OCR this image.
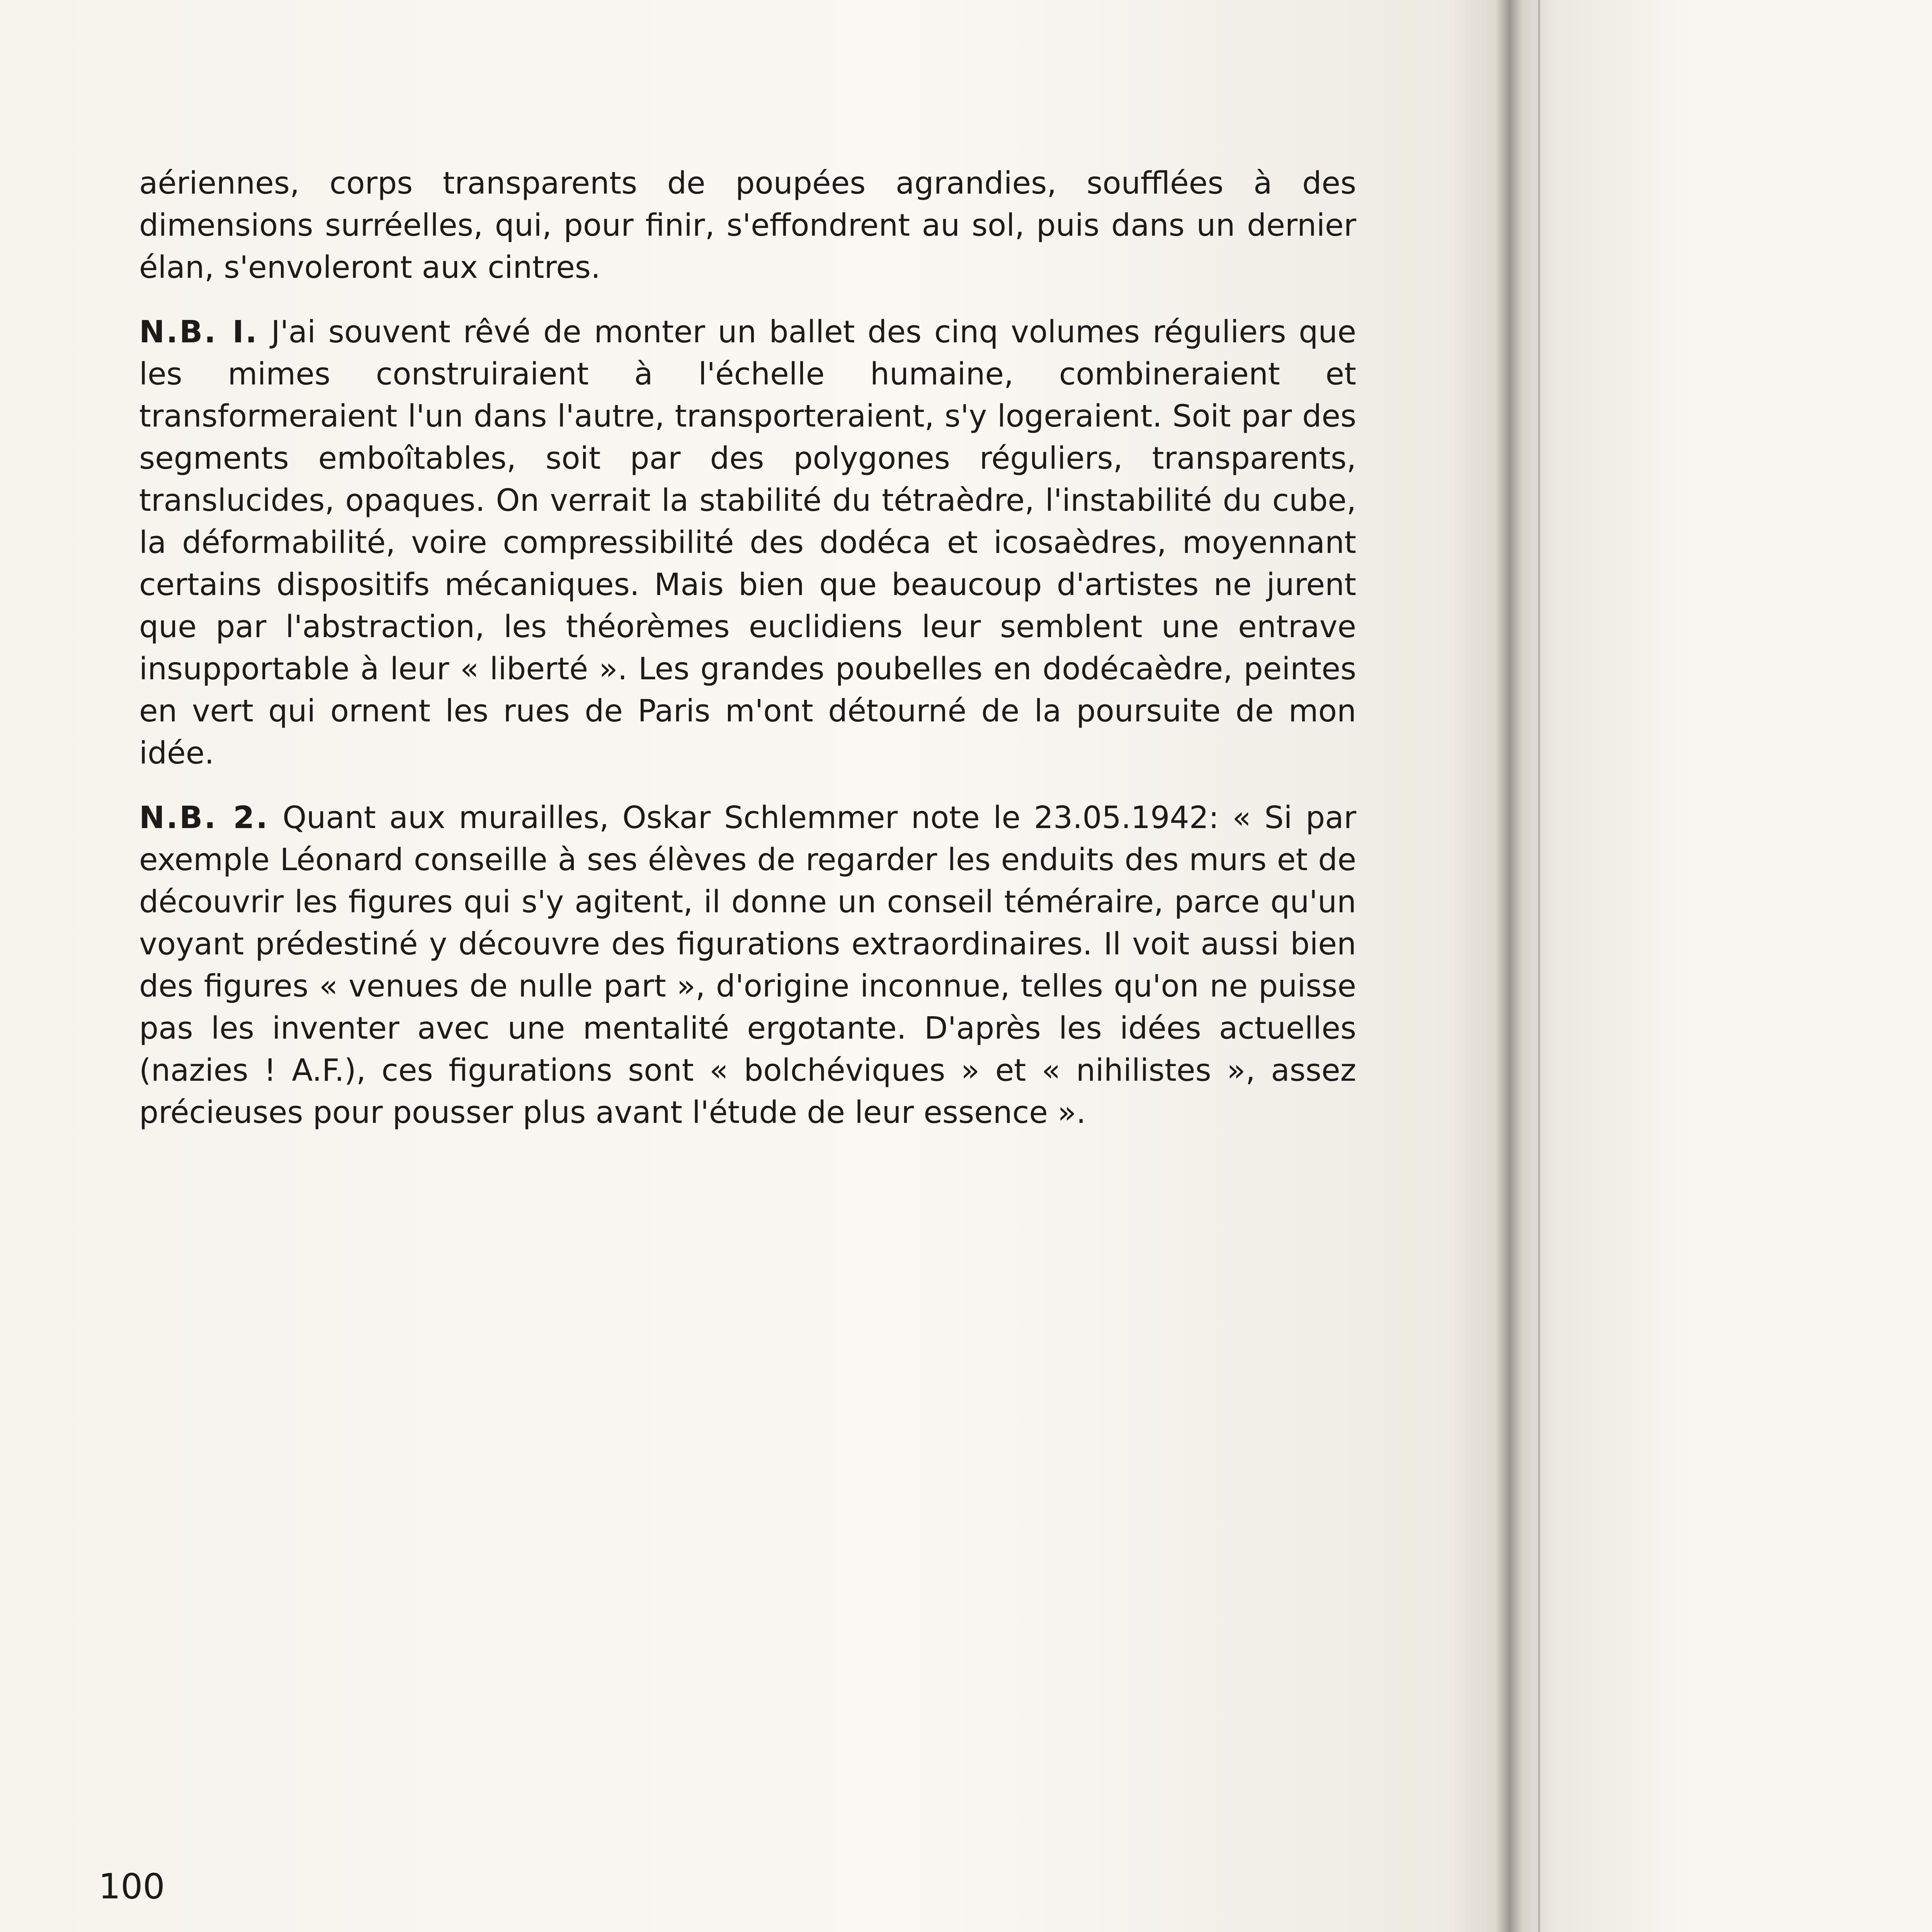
aériennes, corps transparents de poupées agrandies, soufflées à des dimensions surréelles, qui, pour finir, s'effondrent au sol, puis dans un dernier élan, s'envoleront aux cintres.

N.B. I. J'ai souvent rêvé de monter un ballet des cinq volumes réguliers que les mimes construiraient à l'échelle humaine, combineraient et transformeraient l'un dans l'autre, transporteraient, s'y logeraient. Soit par des segments emboîtables, soit par des polygones réguliers, transparents, translucides, opaques. On verrait la stabilité du tétraèdre, l'instabilité du cube, la déformabilité, voire compressibilité des dodéca et icosaèdres, moyennant certains dispositifs mécaniques. Mais bien que beaucoup d'artistes ne jurent que par l'abstraction, les théorèmes euclidiens leur semblent une entrave insupportable à leur « liberté ». Les grandes poubelles en dodécaèdre, peintes en vert qui ornent les rues de Paris m'ont détourné de la poursuite de mon idée.

N.B. 2. Quant aux murailles, Oskar Schlemmer note le 23.05.1942: « Si par exemple Léonard conseille à ses élèves de regarder les enduits des murs et de découvrir les figures qui s'y agitent, il donne un conseil téméraire, parce qu'un voyant prédestiné y découvre des figurations extraordinaires. Il voit aussi bien des figures « venues de nulle part », d'origine inconnue, telles qu'on ne puisse pas les inventer avec une mentalité ergotante. D'après les idées actuelles (nazies ! A.F.), ces figurations sont « bolchéviques » et « nihilistes », assez précieuses pour pousser plus avant l'étude de leur essence ».

100
